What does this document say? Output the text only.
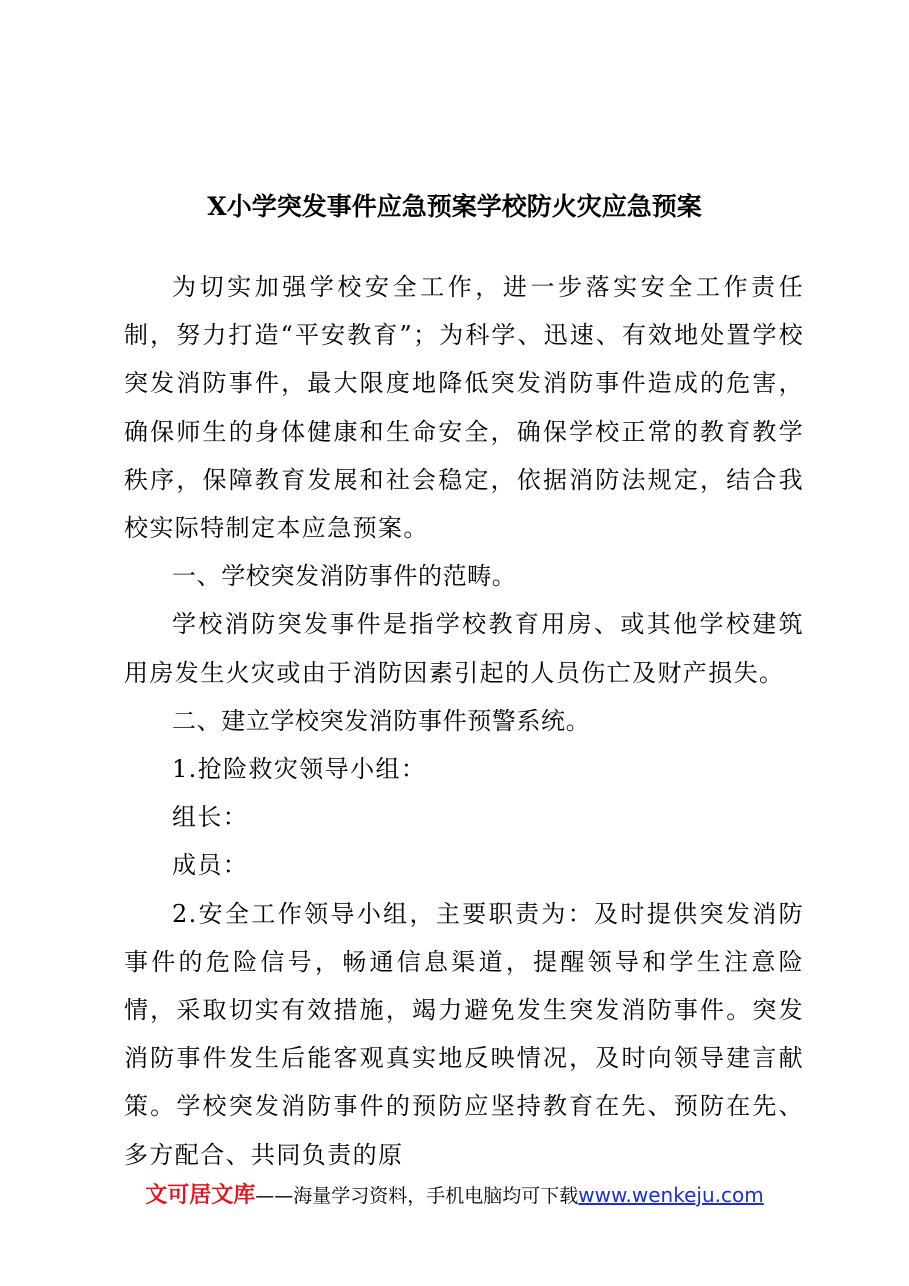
X小学突发事件应急预案学校防火灾应急预案

为切实加强学校安全工作，进一步落实安全工作责任制，努力打造“平安教育”；为科学、迅速、有效地处置学校突发消防事件，最大限度地降低突发消防事件造成的危害，确保师生的身体健康和生命安全，确保学校正常的教育教学秩序，保障教育发展和社会稳定，依据消防法规定，结合我校实际特制定本应急预案。

一、学校突发消防事件的范畴。

学校消防突发事件是指学校教育用房、或其他学校建筑用房发生火灾或由于消防因素引起的人员伤亡及财产损失。

二、建立学校突发消防事件预警系统。

1.抢险救灾领导小组：

组长：

成员：

2.安全工作领导小组，主要职责为：及时提供突发消防事件的危险信号，畅通信息渠道，提醒领导和学生注意险情，采取切实有效措施，竭力避免发生突发消防事件。突发消防事件发生后能客观真实地反映情况，及时向领导建言献策。学校突发消防事件的预防应坚持教育在先、预防在先、多方配合、共同负责的原

文可居文库——海量学习资料，手机电脑均可下载www.wenkeju.com
